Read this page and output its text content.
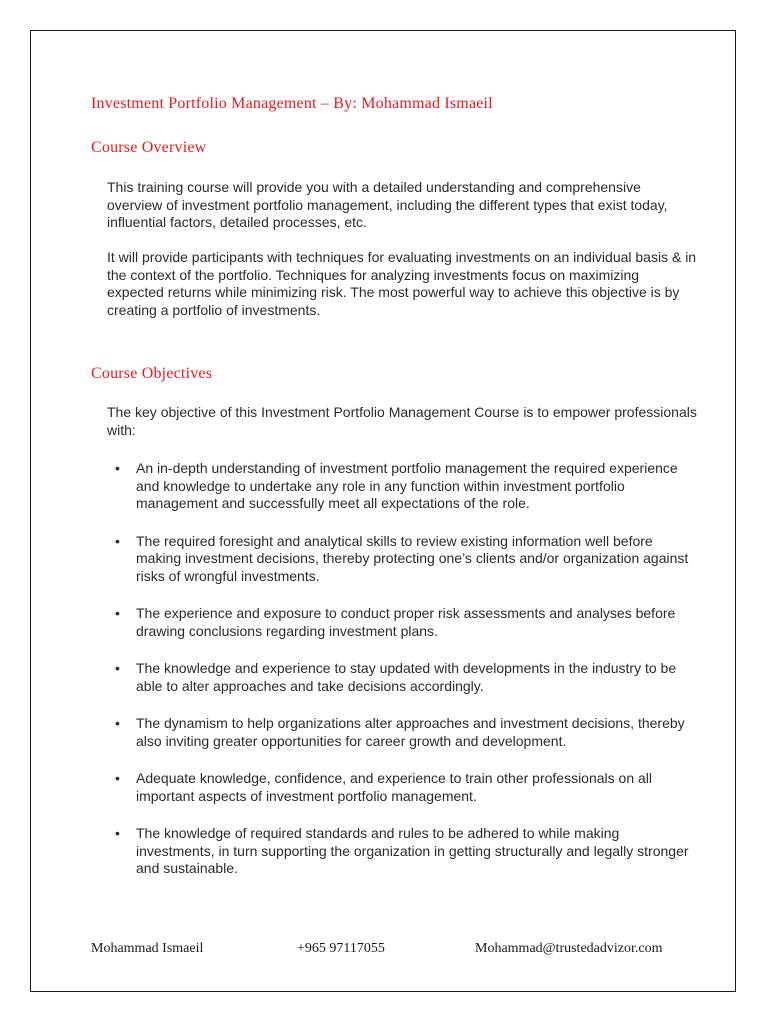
Investment Portfolio Management – By: Mohammad Ismaeil
Course Overview

This training course will provide you with a detailed understanding and comprehensive overview of investment portfolio management, including the different types that exist today, influential factors, detailed processes, etc.

It will provide participants with techniques for evaluating investments on an individual basis & in the context of the portfolio. Techniques for analyzing investments focus on maximizing expected returns while minimizing risk. The most powerful way to achieve this objective is by creating a portfolio of investments.

Course Objectives

The key objective of this Investment Portfolio Management Course is to empower professionals with:

• An in-depth understanding of investment portfolio management the required experience and knowledge to undertake any role in any function within investment portfolio management and successfully meet all expectations of the role.
• The required foresight and analytical skills to review existing information well before making investment decisions, thereby protecting one’s clients and/or organization against risks of wrongful investments.
• The experience and exposure to conduct proper risk assessments and analyses before drawing conclusions regarding investment plans.
• The knowledge and experience to stay updated with developments in the industry to be able to alter approaches and take decisions accordingly.
• The dynamism to help organizations alter approaches and investment decisions, thereby also inviting greater opportunities for career growth and development.
• Adequate knowledge, confidence, and experience to train other professionals on all important aspects of investment portfolio management.
• The knowledge of required standards and rules to be adhered to while making investments, in turn supporting the organization in getting structurally and legally stronger and sustainable.

Mohammad Ismaeil	+965 97117055	Mohammad@trustedadvizor.com
